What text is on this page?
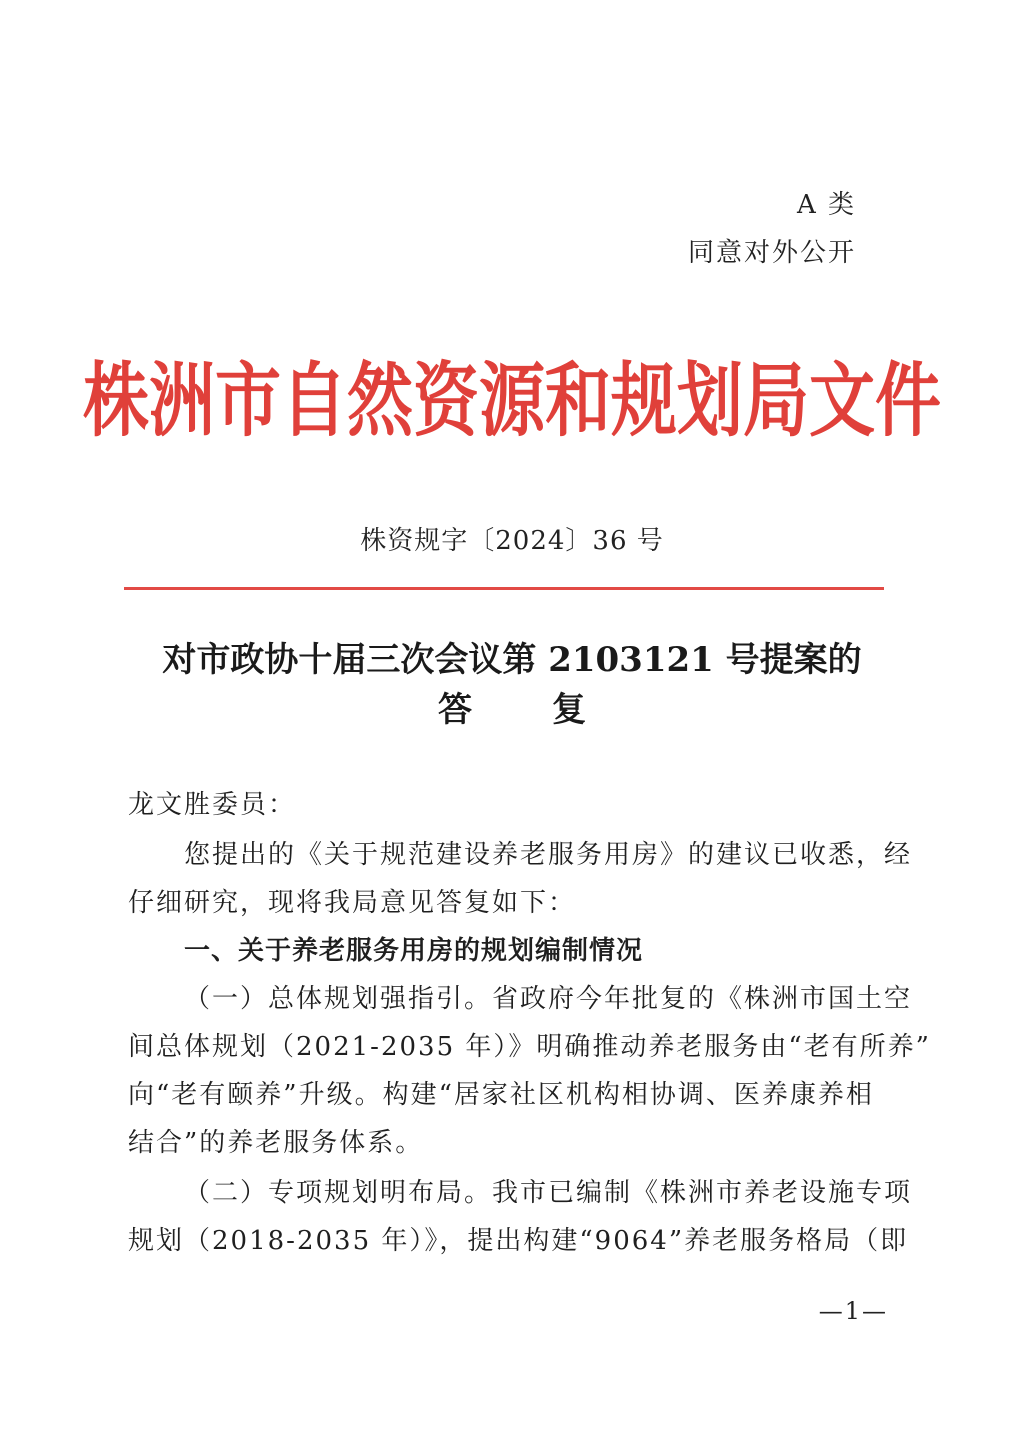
A 类
同意对外公开
株洲市自然资源和规划局文件
株资规字〔2024〕36 号
对市政协十届三次会议第 2103121 号提案的
答 复
龙文胜委员：
您提出的《关于规范建设养老服务用房》的建议已收悉，经
仔细研究，现将我局意见答复如下：
一、关于养老服务用房的规划编制情况
（一）总体规划强指引。省政府今年批复的《株洲市国土空
间总体规划（2021-2035 年）》明确推动养老服务由“老有所养”
向“老有颐养”升级。构建“居家社区机构相协调、医养康养相
结合”的养老服务体系。
（二）专项规划明布局。我市已编制《株洲市养老设施专项
规划（2018-2035 年）》，提出构建“9064”养老服务格局（即
—1—
